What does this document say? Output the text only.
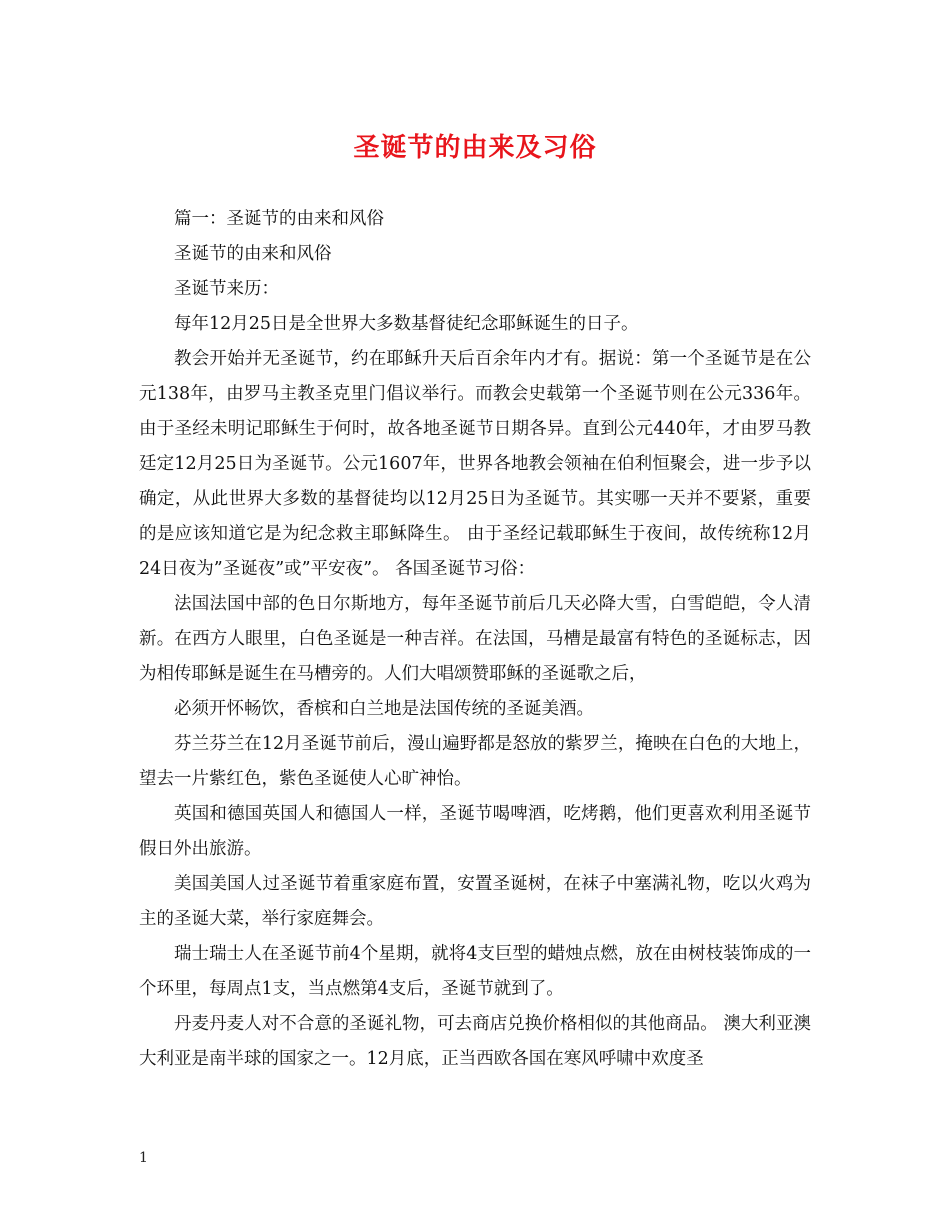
圣诞节的由来及习俗

篇一：圣诞节的由来和风俗

圣诞节的由来和风俗

圣诞节来历：

每年12月25日是全世界大多数基督徒纪念耶稣诞生的日子。

教会开始并无圣诞节，约在耶稣升天后百余年内才有。据说：第一个圣诞节是在公元138年，由罗马主教圣克里门倡议举行。而教会史载第一个圣诞节则在公元336年。由于圣经未明记耶稣生于何时，故各地圣诞节日期各异。直到公元440年，才由罗马教廷定12月25日为圣诞节。公元1607年，世界各地教会领袖在伯利恒聚会，进一步予以确定，从此世界大多数的基督徒均以12月25日为圣诞节。其实哪一天并不要紧，重要的是应该知道它是为纪念救主耶稣降生。 由于圣经记载耶稣生于夜间，故传统称12月24日夜为”圣诞夜”或”平安夜”。 各国圣诞节习俗：

法国法国中部的色日尔斯地方，每年圣诞节前后几天必降大雪，白雪皑皑，令人清新。在西方人眼里，白色圣诞是一种吉祥。在法国，马槽是最富有特色的圣诞标志，因为相传耶稣是诞生在马槽旁的。人们大唱颂赞耶稣的圣诞歌之后，

必须开怀畅饮，香槟和白兰地是法国传统的圣诞美酒。

芬兰芬兰在12月圣诞节前后，漫山遍野都是怒放的紫罗兰，掩映在白色的大地上，望去一片紫红色，紫色圣诞使人心旷神怡。

英国和德国英国人和德国人一样，圣诞节喝啤酒，吃烤鹅，他们更喜欢利用圣诞节假日外出旅游。

美国美国人过圣诞节着重家庭布置，安置圣诞树，在袜子中塞满礼物，吃以火鸡为主的圣诞大菜，举行家庭舞会。

瑞士瑞士人在圣诞节前4个星期，就将4支巨型的蜡烛点燃，放在由树枝装饰成的一个环里，每周点1支，当点燃第4支后，圣诞节就到了。

丹麦丹麦人对不合意的圣诞礼物，可去商店兑换价格相似的其他商品。 澳大利亚澳大利亚是南半球的国家之一。12月底，正当西欧各国在寒风呼啸中欢度圣

1
